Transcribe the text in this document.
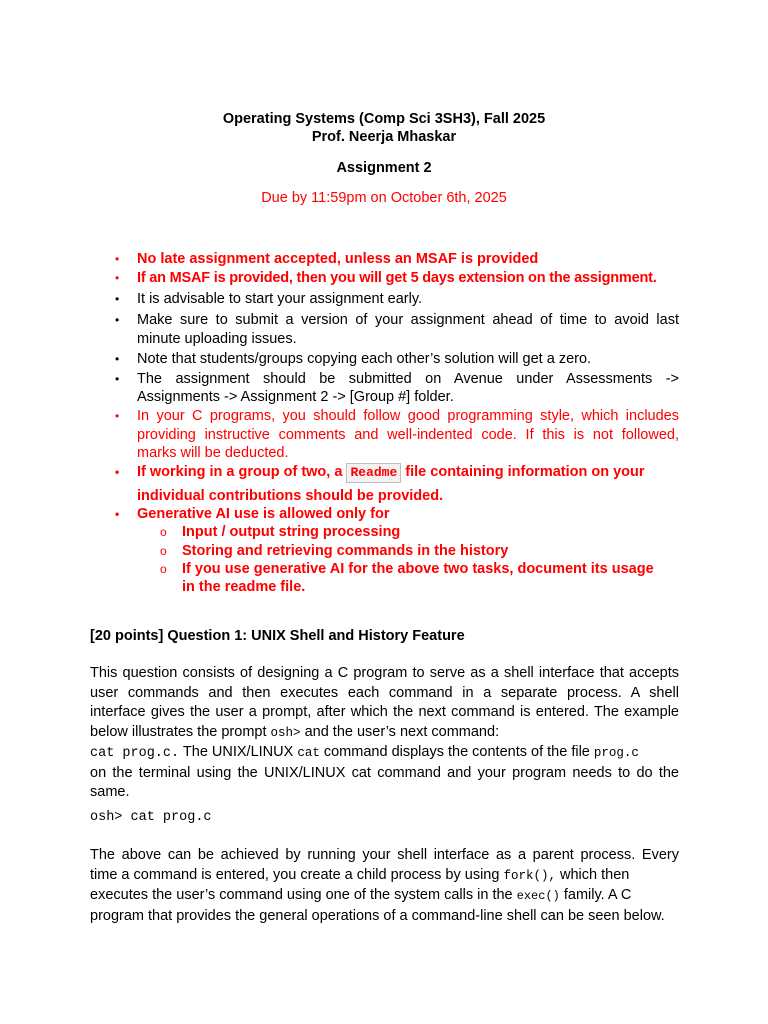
Operating Systems (Comp Sci 3SH3), Fall 2025
Prof. Neerja Mhaskar
Assignment 2
Due by 11:59pm on October 6th, 2025
• No late assignment accepted, unless an MSAF is provided
• If an MSAF is provided, then you will get 5 days extension on the assignment.
• It is advisable to start your assignment early.
• Make sure to submit a version of your assignment ahead of time to avoid last
minute uploading issues.
• Note that students/groups copying each other’s solution will get a zero.
• The assignment should be submitted on Avenue under Assessments ->
Assignments -> Assignment 2 -> [Group #] folder.
• In your C programs, you should follow good programming style, which includes
providing instructive comments and well-indented code. If this is not followed,
marks will be deducted.
• If working in a group of two, a Readme file containing information on your
individual contributions should be provided.
• Generative AI use is allowed only for
o Input / output string processing
o Storing and retrieving commands in the history
o If you use generative AI for the above two tasks, document its usage
in the readme file.
[20 points] Question 1: UNIX Shell and History Feature
This question consists of designing a C program to serve as a shell interface that accepts
user commands and then executes each command in a separate process. A shell
interface gives the user a prompt, after which the next command is entered. The example
below illustrates the prompt osh> and the user’s next command:
cat prog.c. The UNIX/LINUX cat command displays the contents of the file prog.c
on the terminal using the UNIX/LINUX cat command and your program needs to do the
same.
osh> cat prog.c
The above can be achieved by running your shell interface as a parent process. Every
time a command is entered, you create a child process by using fork(), which then
executes the user’s command using one of the system calls in the exec() family. A C
program that provides the general operations of a command-line shell can be seen below.
